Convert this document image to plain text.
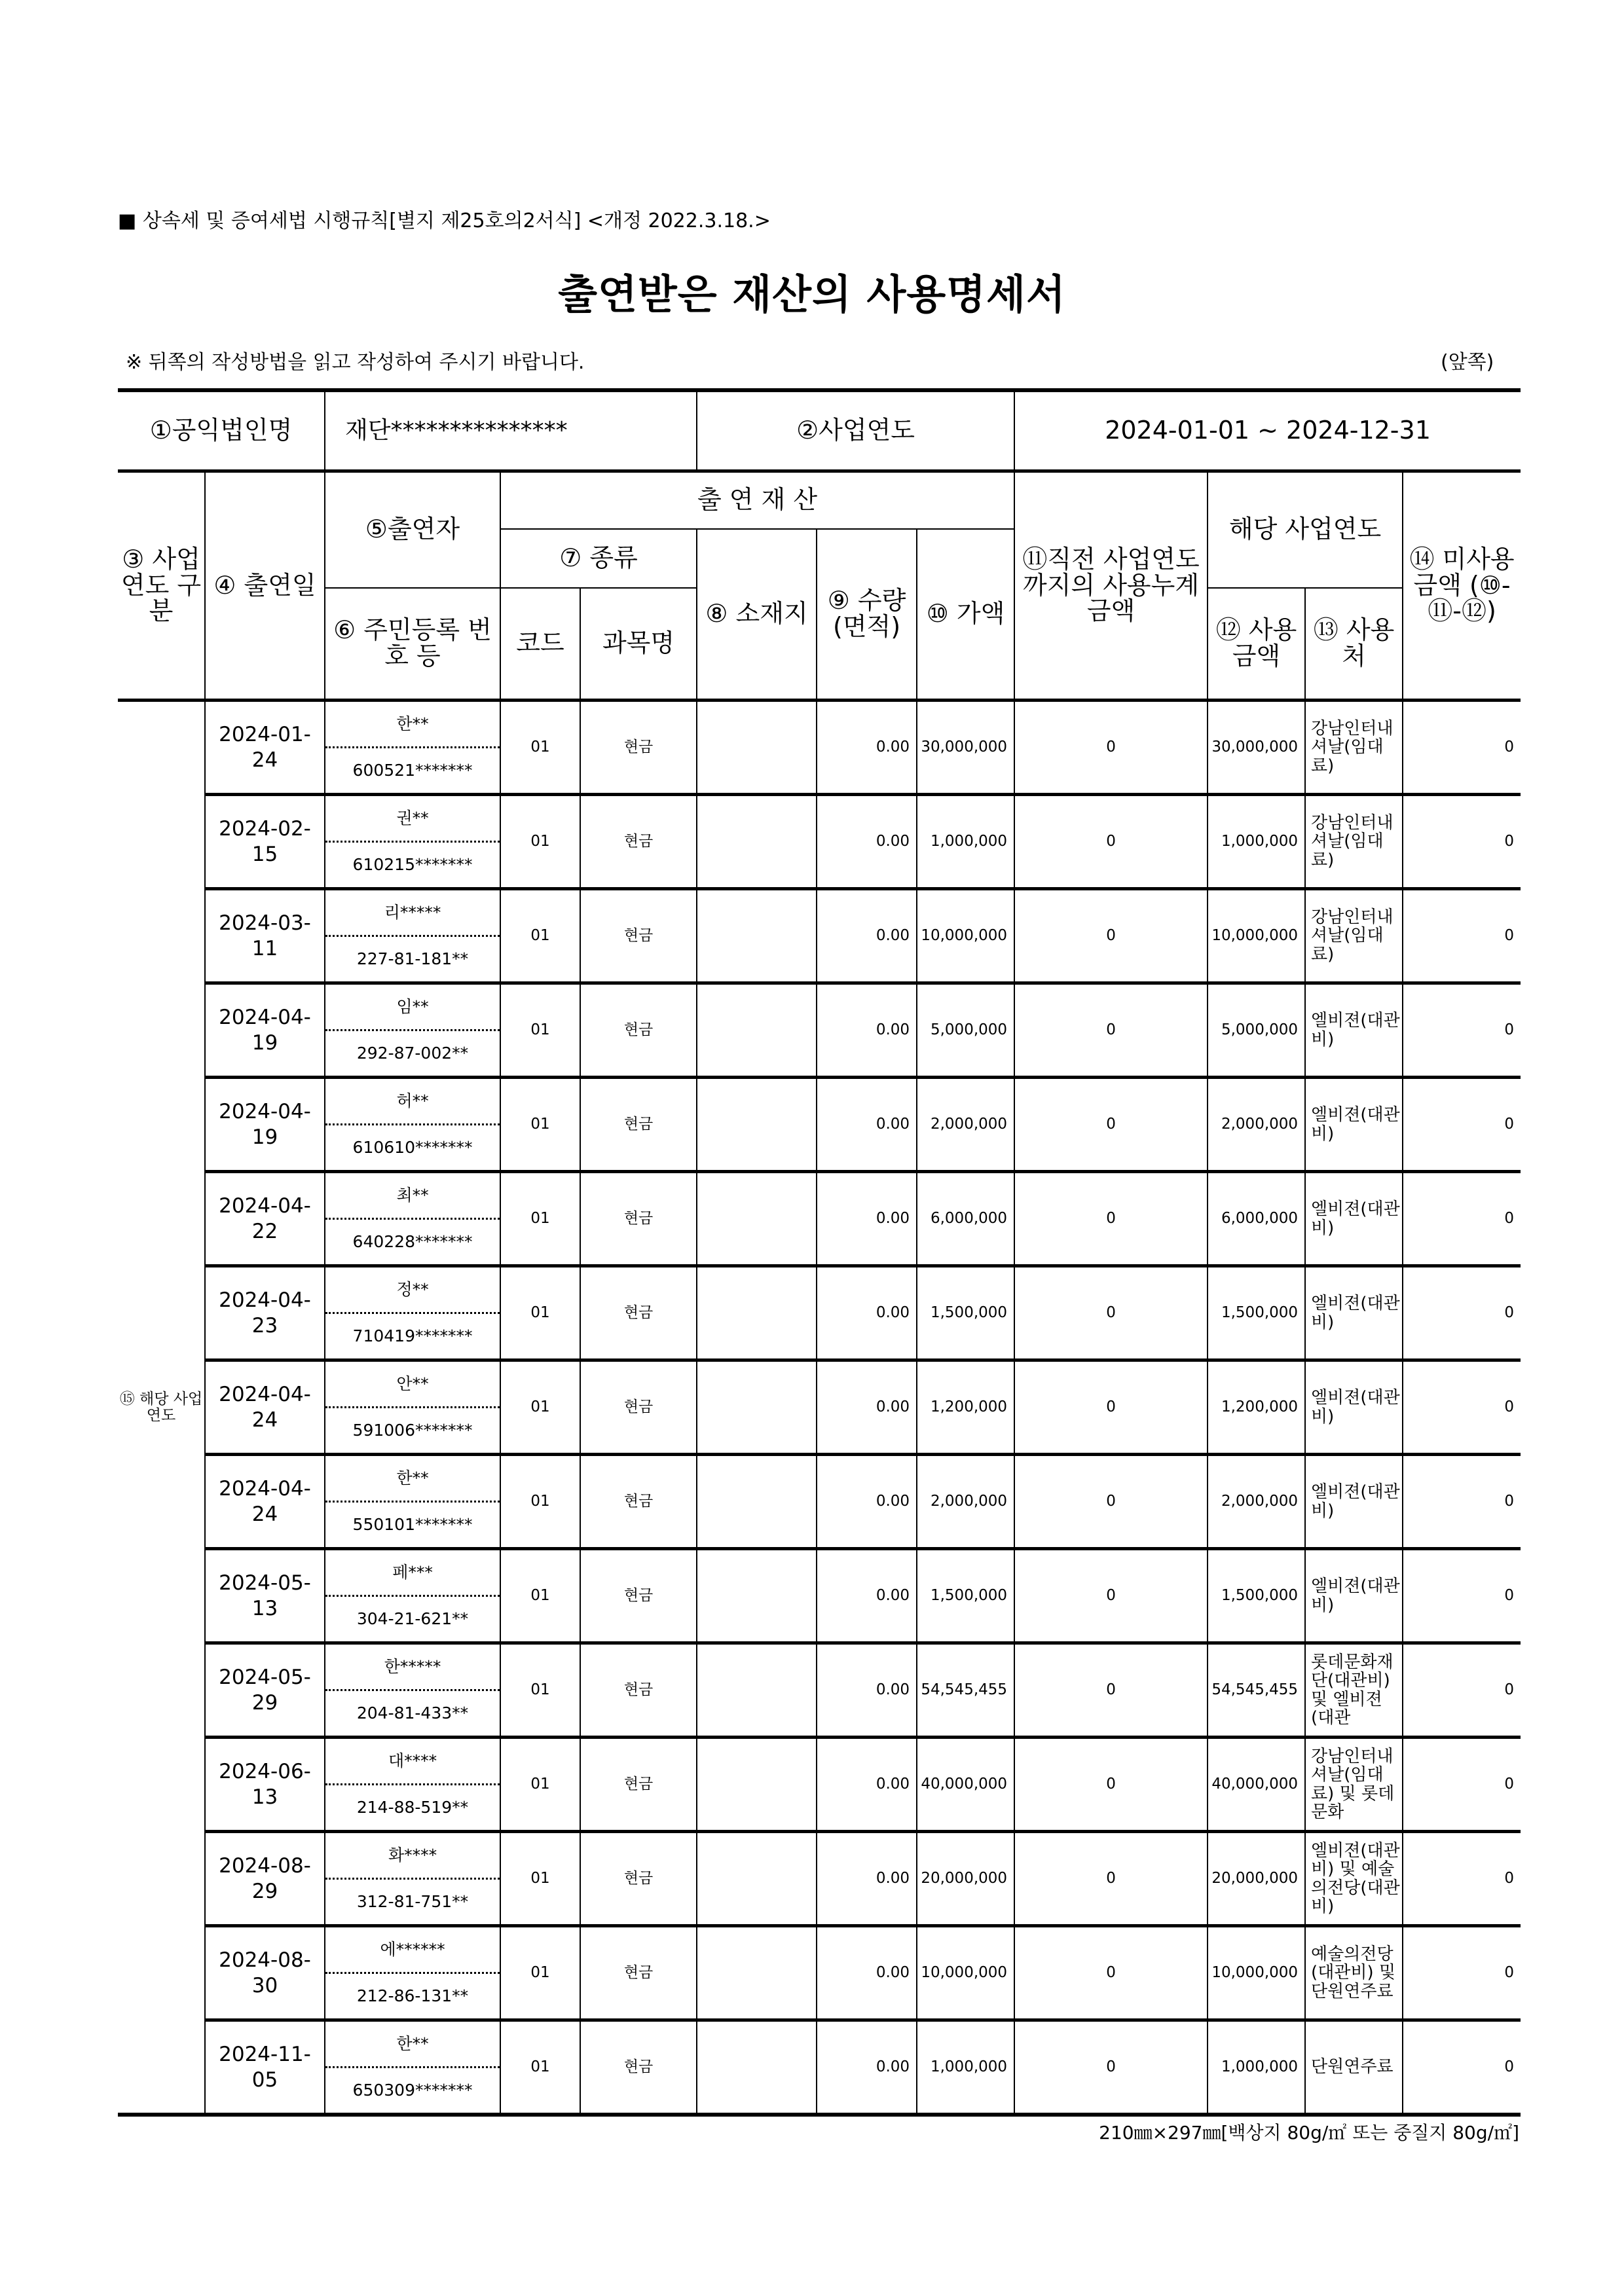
■ 상속세 및 증여세법 시행규칙[별지 제25호의2서식] <개정 2022.3.18.>
출연받은 재산의 사용명세서
※ 뒤쪽의 작성방법을 읽고 작성하여 주시기 바랍니다.	(앞쪽)
①공익법인명		재단***************			②사업연도			2024-01-01 ~ 2024-12-31			
③ 사업 연도 구분	④ 출연일	⑤출연자	출 연 재 산					⑪직전 사업연도 까지의 사용누계금액	해당 사업연도		⑭ 미사용 금액 (⑩-⑪-⑫)
			⑦ 종류		⑧ 소재지	⑨ 수량 (면적)	⑩ 가액				
		⑥ 주민등록 번호 등	코드	과목명					⑫ 사용 금액	⑬ 사용처	
⑮ 해당 사업 연도	2024-01-24	한**
600521*******	01	현금		0.00	30,000,000	0	30,000,000	강남인터내셔날(임대료)	0
	2024-02-15	권**
610215*******	01	현금		0.00	1,000,000	0	1,000,000	강남인터내셔날(임대료)	0
	2024-03-11	리*****
227-81-181**	01	현금		0.00	10,000,000	0	10,000,000	강남인터내셔날(임대료)	0
	2024-04-19	임**
292-87-002**	01	현금		0.00	5,000,000	0	5,000,000	엘비젼(대관비)	0
	2024-04-19	허**
610610*******	01	현금		0.00	2,000,000	0	2,000,000	엘비젼(대관비)	0
	2024-04-22	최**
640228*******	01	현금		0.00	6,000,000	0	6,000,000	엘비젼(대관비)	0
	2024-04-23	정**
710419*******	01	현금		0.00	1,500,000	0	1,500,000	엘비젼(대관비)	0
	2024-04-24	안**
591006*******	01	현금		0.00	1,200,000	0	1,200,000	엘비젼(대관비)	0
	2024-04-24	한**
550101*******	01	현금		0.00	2,000,000	0	2,000,000	엘비젼(대관비)	0
	2024-05-13	페***
304-21-621**	01	현금		0.00	1,500,000	0	1,500,000	엘비젼(대관비)	0
	2024-05-29	한*****
204-81-433**	01	현금		0.00	54,545,455	0	54,545,455	롯데문화재단(대관비) 및 엘비젼(대관	0
	2024-06-13	대****
214-88-519**	01	현금		0.00	40,000,000	0	40,000,000	강남인터내셔날(임대료) 및 롯데문화	0
	2024-08-29	화****
312-81-751**	01	현금		0.00	20,000,000	0	20,000,000	엘비젼(대관비) 및 예술의전당(대관비)	0
	2024-08-30	에******
212-86-131**	01	현금		0.00	10,000,000	0	10,000,000	예술의전당(대관비) 및 단원연주료	0
	2024-11-05	한**
650309*******	01	현금		0.00	1,000,000	0	1,000,000	단원연주료	0
210㎜×297㎜[백상지 80g/㎡ 또는 중질지 80g/㎡]
